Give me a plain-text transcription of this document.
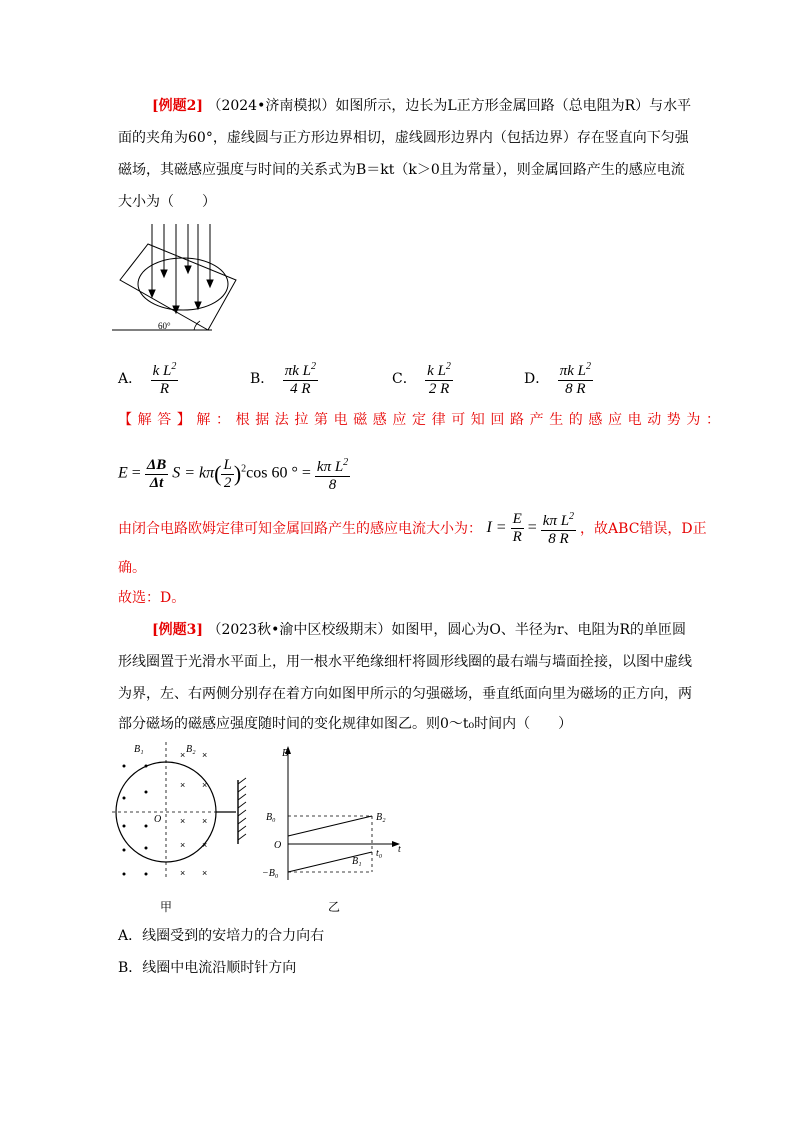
[例题2] （2024•济南模拟）如图所示，边长为L正方形金属回路（总电阻为R）与水平
面的夹角为60°，虚线圆与正方形边界相切，虚线圆形边界内（包括边界）存在竖直向下匀强
磁场，其磁感应强度与时间的关系式为B＝kt（k＞0且为常量），则金属回路产生的感应电流
大小为（　　）
60°
A． $\frac{k L^2}{R}$	B． $\frac{\pi k L^2}{4 R}$	C． $\frac{k L^2}{2 R}$	D． $\frac{\pi k L^2}{8 R}$
【解答】解：根据法拉第电磁感应定律可知回路产生的感应电动势为：
$E = \frac{\Delta B}{\Delta t}$ $S = k\pi( \frac{L}{2} )^2\cos$ 60 ° = $\frac{k\pi L^2}{8}$
由闭合电路欧姆定律可知金属回路产生的感应电流大小为： $I = \frac{E}{R} = \frac{k\pi L^2}{8 R}$ ，故ABC错误，D正
确。
故选：D。
[例题3] （2023秋•渝中区校级期末）如图甲，圆心为O、半径为r、电阻为R的单匝圆
形线圈置于光滑水平面上，用一根水平绝缘细杆将圆形线圈的最右端与墙面拴接，以图中虚线
为界，左、右两侧分别存在着方向如图甲所示的匀强磁场，垂直纸面向里为磁场的正方向，两
部分磁场的磁感应强度随时间的变化规律如图乙。则0～t₀时间内（　　）
× ×
× ×
× ×
× ×
× ×
B₁	B₂
O
甲
B
B₀
O
−B₀
B₂
B₁
t₀ t
乙
A．线圈受到的安培力的合力向右
B．线圈中电流沿顺时针方向
